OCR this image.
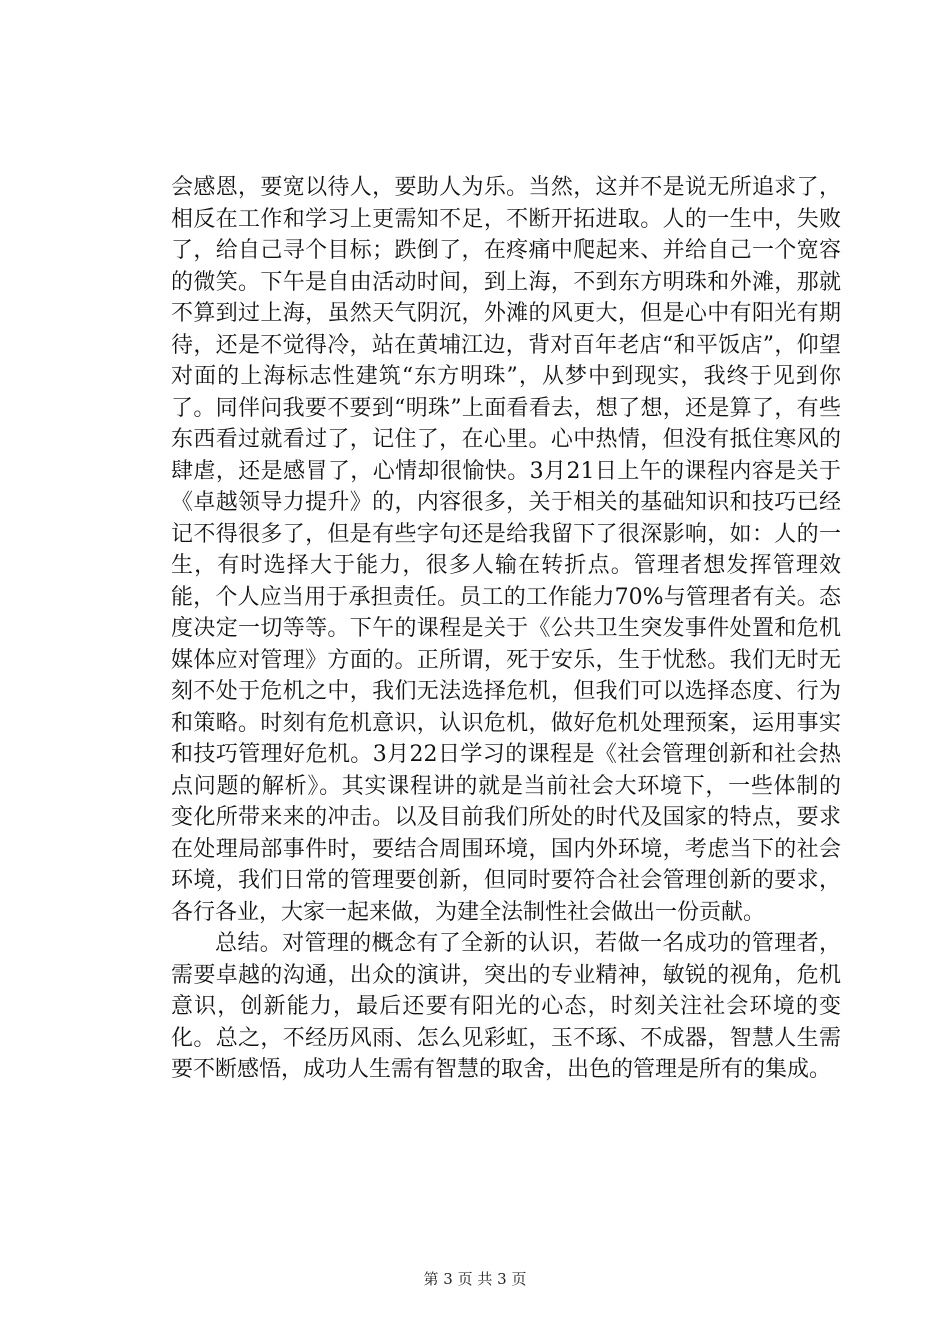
会感恩，要宽以待人，要助人为乐。当然，这并不是说无所追求了，相反在工作和学习上更需知不足，不断开拓进取。人的一生中，失败了，给自己寻个目标；跌倒了，在疼痛中爬起来、并给自己一个宽容的微笑。下午是自由活动时间，到上海，不到东方明珠和外滩，那就不算到过上海，虽然天气阴沉，外滩的风更大，但是心中有阳光有期待，还是不觉得冷，站在黄埔江边，背对百年老店“和平饭店”，仰望对面的上海标志性建筑“东方明珠”，从梦中到现实，我终于见到你了。同伴问我要不要到“明珠”上面看看去，想了想，还是算了，有些东西看过就看过了，记住了，在心里。心中热情，但没有抵住寒风的肆虐，还是感冒了，心情却很愉快。3月21日上午的课程内容是关于《卓越领导力提升》的，内容很多，关于相关的基础知识和技巧已经记不得很多了，但是有些字句还是给我留下了很深影响，如：人的一生，有时选择大于能力，很多人输在转折点。管理者想发挥管理效能，个人应当用于承担责任。员工的工作能力70%与管理者有关。态度决定一切等等。下午的课程是关于《公共卫生突发事件处置和危机媒体应对管理》方面的。正所谓，死于安乐，生于忧愁。我们无时无刻不处于危机之中，我们无法选择危机，但我们可以选择态度、行为和策略。时刻有危机意识，认识危机，做好危机处理预案，运用事实和技巧管理好危机。3月22日学习的课程是《社会管理创新和社会热点问题的解析》。其实课程讲的就是当前社会大环境下，一些体制的变化所带来来的冲击。以及目前我们所处的时代及国家的特点，要求在处理局部事件时，要结合周围环境，国内外环境，考虑当下的社会环境，我们日常的管理要创新，但同时要符合社会管理创新的要求，各行各业，大家一起来做，为建全法制性社会做出一份贡献。

总结。对管理的概念有了全新的认识，若做一名成功的管理者，需要卓越的沟通，出众的演讲，突出的专业精神，敏锐的视角，危机意识，创新能力，最后还要有阳光的心态，时刻关注社会环境的变化。总之，不经历风雨、怎么见彩虹，玉不琢、不成器，智慧人生需要不断感悟，成功人生需有智慧的取舍，出色的管理是所有的集成。

第 3 页 共 3 页
